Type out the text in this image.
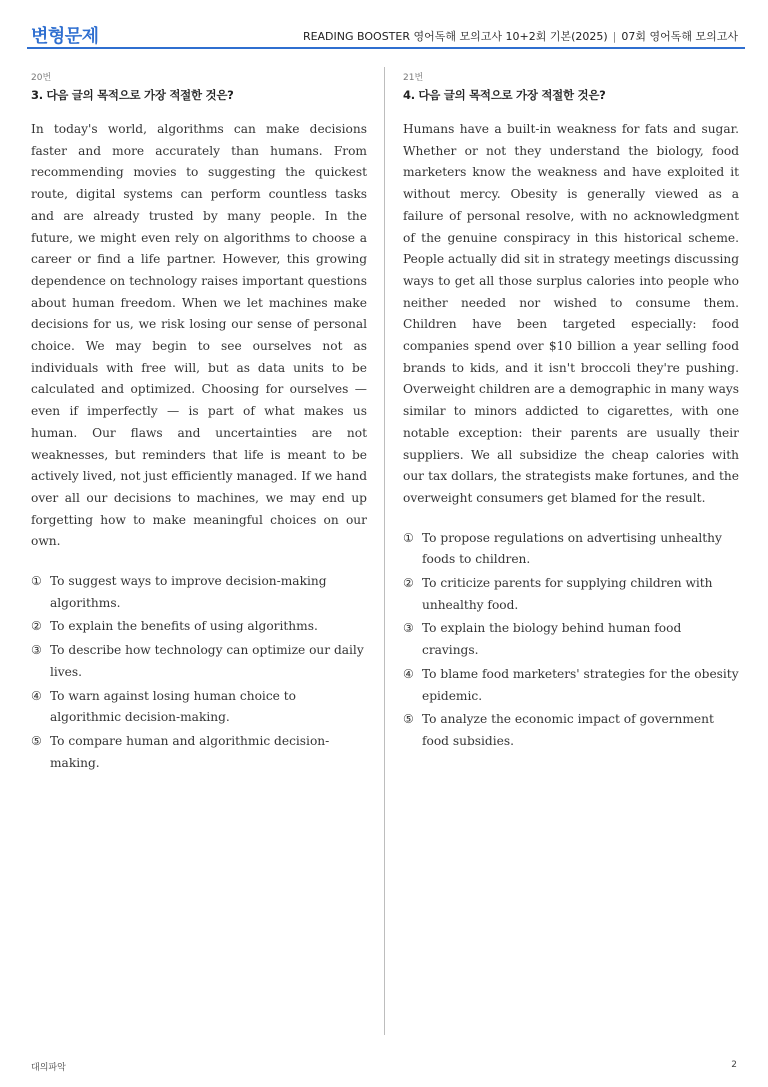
변형문제	READING BOOSTER 영어독해 모의고사 10+2회 기본(2025) | 07회 영어독해 모의고사
20번
3. 다음 글의 목적으로 가장 적절한 것은?

In today's world, algorithms can make decisions faster and more accurately than humans. From recommending movies to suggesting the quickest route, digital systems can perform countless tasks and are already trusted by many people. In the future, we might even rely on algorithms to choose a career or find a life partner. However, this growing dependence on technology raises important questions about human freedom. When we let machines make decisions for us, we risk losing our sense of personal choice. We may begin to see ourselves not as individuals with free will, but as data units to be calculated and optimized. Choosing for ourselves — even if imperfectly — is part of what makes us human. Our flaws and uncertainties are not weaknesses, but reminders that life is meant to be actively lived, not just efficiently managed. If we hand over all our decisions to machines, we may end up forgetting how to make meaningful choices on our own.

① To suggest ways to improve decision-making algorithms.
② To explain the benefits of using algorithms.
③ To describe how technology can optimize our daily lives.
④ To warn against losing human choice to algorithmic decision-making.
⑤ To compare human and algorithmic decision-making.
21번
4. 다음 글의 목적으로 가장 적절한 것은?

Humans have a built-in weakness for fats and sugar. Whether or not they understand the biology, food marketers know the weakness and have exploited it without mercy. Obesity is generally viewed as a failure of personal resolve, with no acknowledgment of the genuine conspiracy in this historical scheme. People actually did sit in strategy meetings discussing ways to get all those surplus calories into people who neither needed nor wished to consume them. Children have been targeted especially: food companies spend over $10 billion a year selling food brands to kids, and it isn't broccoli they're pushing. Overweight children are a demographic in many ways similar to minors addicted to cigarettes, with one notable exception: their parents are usually their suppliers. We all subsidize the cheap calories with our tax dollars, the strategists make fortunes, and the overweight consumers get blamed for the result.

① To propose regulations on advertising unhealthy foods to children.
② To criticize parents for supplying children with unhealthy food.
③ To explain the biology behind human food cravings.
④ To blame food marketers' strategies for the obesity epidemic.
⑤ To analyze the economic impact of government food subsidies.
대의파악	2
